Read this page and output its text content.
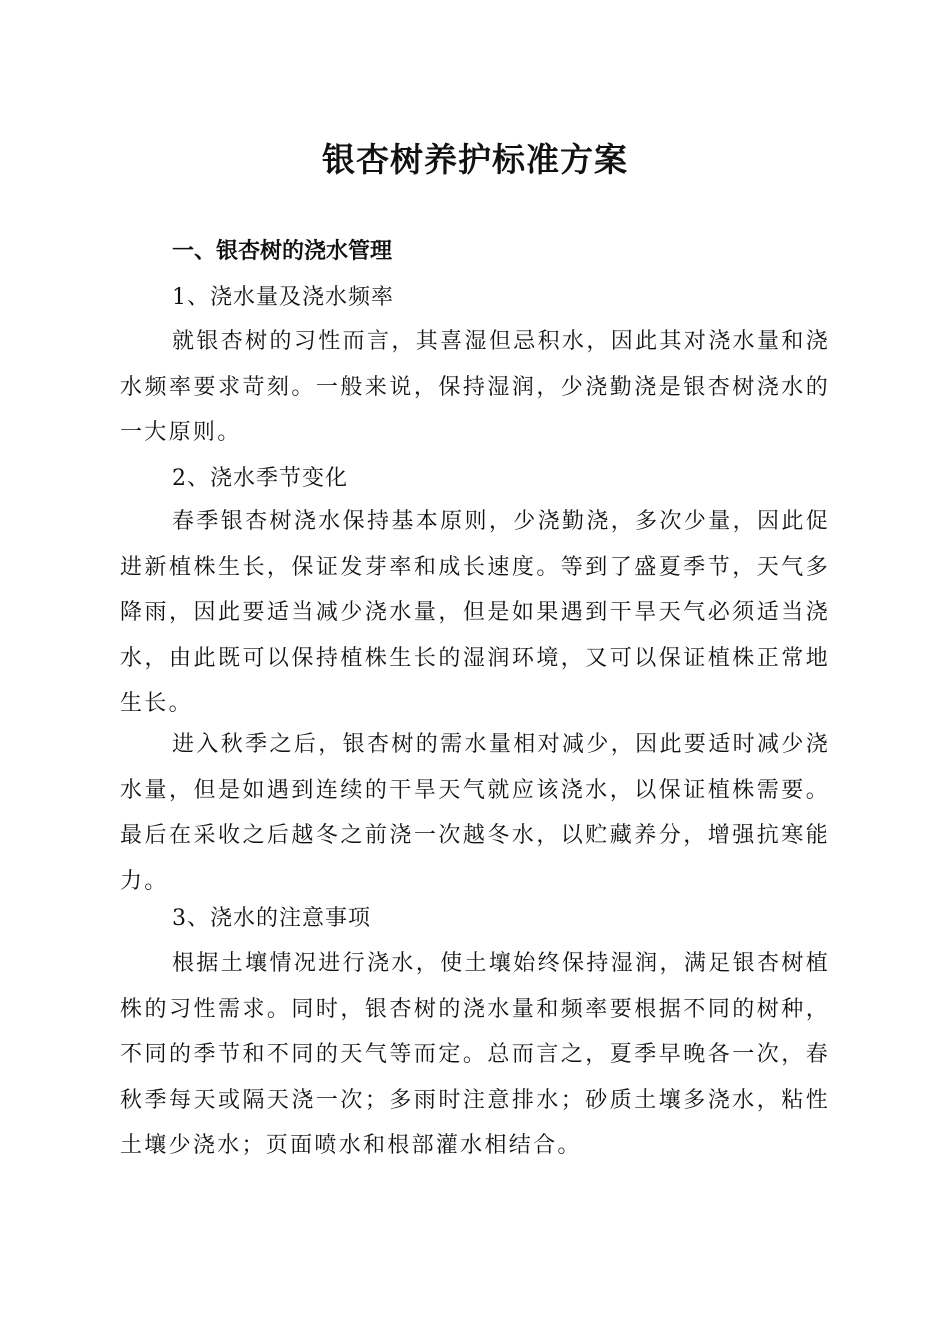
银杏树养护标准方案
一、银杏树的浇水管理
1、浇水量及浇水频率

就银杏树的习性而言，其喜湿但忌积水，因此其对浇水量和浇水频率要求苛刻。一般来说，保持湿润，少浇勤浇是银杏树浇水的一大原则。

2、浇水季节变化

春季银杏树浇水保持基本原则，少浇勤浇，多次少量，因此促进新植株生长，保证发芽率和成长速度。等到了盛夏季节，天气多降雨，因此要适当减少浇水量，但是如果遇到干旱天气必须适当浇水，由此既可以保持植株生长的湿润环境，又可以保证植株正常地生长。

进入秋季之后，银杏树的需水量相对减少，因此要适时减少浇水量，但是如遇到连续的干旱天气就应该浇水，以保证植株需要。最后在采收之后越冬之前浇一次越冬水，以贮藏养分，增强抗寒能力。

3、浇水的注意事项

根据土壤情况进行浇水，使土壤始终保持湿润，满足银杏树植株的习性需求。同时，银杏树的浇水量和频率要根据不同的树种，不同的季节和不同的天气等而定。总而言之，夏季早晚各一次，春秋季每天或隔天浇一次；多雨时注意排水；砂质土壤多浇水，粘性土壤少浇水；页面喷水和根部灌水相结合。
